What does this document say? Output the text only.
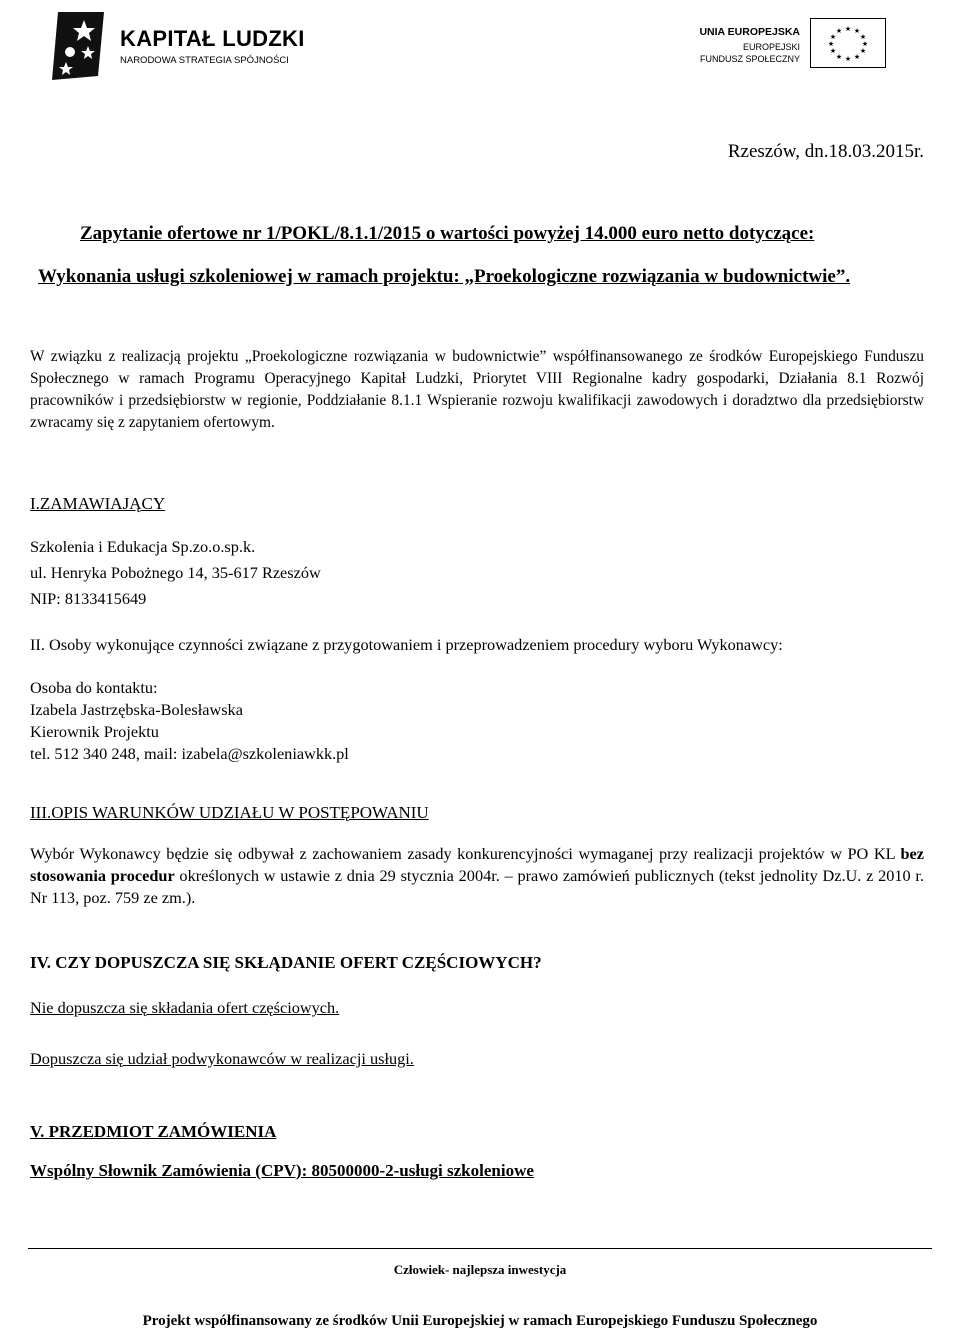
KAPITAŁ LUDZKI
NARODOWA STRATEGIA SPÓJNOŚCI
UNIA EUROPEJSKA
EUROPEJSKI
FUNDUSZ SPOŁECZNY
★ ★
★
★
★
★
★
★
★
★
★
★
Rzeszów, dn.18.03.2015r.
Zapytanie ofertowe nr 1/POKL/8.1.1/2015 o wartości powyżej 14.000 euro netto dotyczące:
Wykonania usługi szkoleniowej w ramach projektu: „Proekologiczne rozwiązania w budownictwie”.
W związku z realizacją projektu „Proekologiczne rozwiązania w budownictwie” współfinansowanego ze środków Europejskiego Funduszu Społecznego w ramach Programu Operacyjnego Kapitał Ludzki, Priorytet VIII Regionalne kadry gospodarki, Działania 8.1 Rozwój pracowników i przedsiębiorstw w regionie, Poddziałanie 8.1.1 Wspieranie rozwoju kwalifikacji zawodowych i doradztwo dla przedsiębiorstw zwracamy się z zapytaniem ofertowym.
I.ZAMAWIAJĄCY
Szkolenia i Edukacja Sp.zo.o.sp.k.
ul. Henryka Pobożnego 14, 35-617 Rzeszów
NIP: 8133415649
II. Osoby wykonujące czynności związane z przygotowaniem i przeprowadzeniem procedury wyboru Wykonawcy:
Osoba do kontaktu:
Izabela Jastrzębska-Bolesławska
Kierownik Projektu
tel. 512 340 248, mail: izabela@szkoleniawkk.pl
III.OPIS WARUNKÓW UDZIAŁU W POSTĘPOWANIU
Wybór Wykonawcy będzie się odbywał z zachowaniem zasady konkurencyjności wymaganej przy realizacji projektów w PO KL bez stosowania procedur określonych w ustawie z dnia 29 stycznia 2004r. – prawo zamówień publicznych (tekst jednolity Dz.U. z 2010 r. Nr 113, poz. 759 ze zm.).
IV. CZY DOPUSZCZA SIĘ SKŁĄDANIE OFERT CZĘŚCIOWYCH?
Nie dopuszcza się składania ofert częściowych.
Dopuszcza się udział podwykonawców w realizacji usługi.
V. PRZEDMIOT ZAMÓWIENIA
Wspólny Słownik Zamówienia (CPV): 80500000-2-usługi szkoleniowe
Człowiek- najlepsza inwestycja
Projekt współfinansowany ze środków Unii Europejskiej w ramach Europejskiego Funduszu Społecznego
